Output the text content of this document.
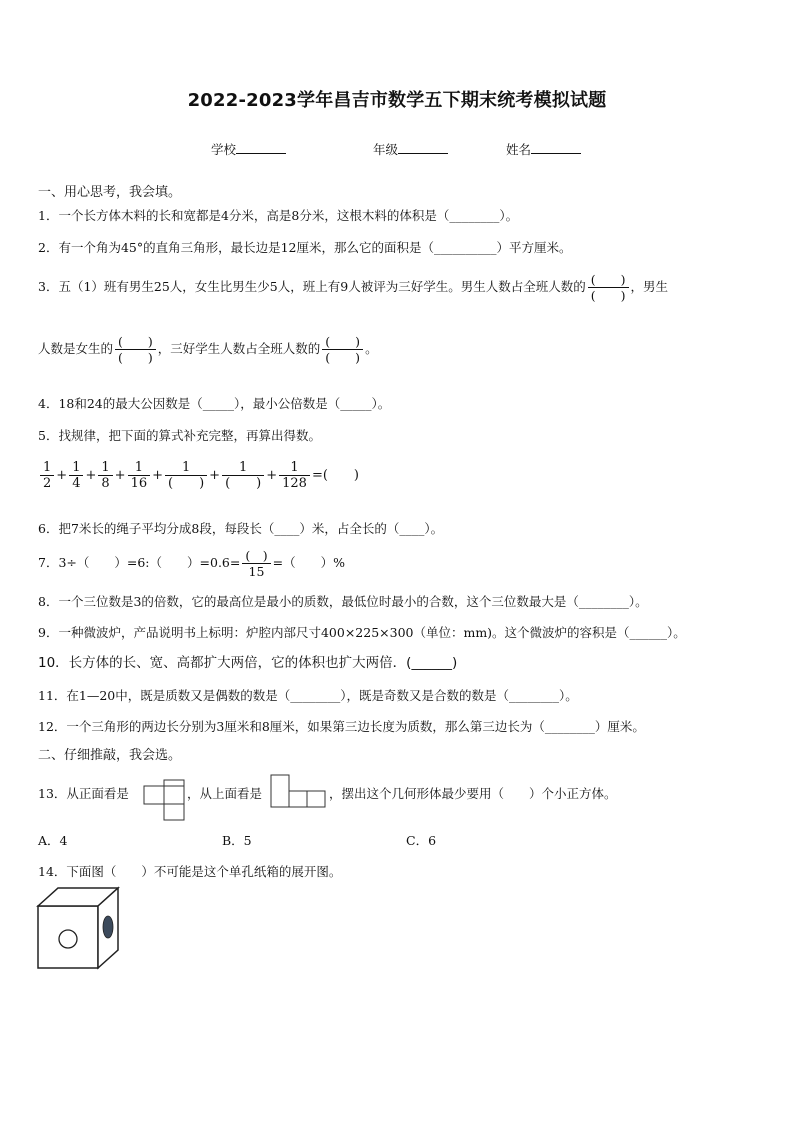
2022-2023学年昌吉市数学五下期末统考模拟试题
学校	年级	姓名
一、用心思考，我会填。
1．一个长方体木料的长和宽都是4分米，高是8分米，这根木料的体积是（________）。
2．有一个角为45°的直角三角形，最长边是12厘米，那么它的面积是（__________）平方厘米。
3．五（1）班有男生25人，女生比男生少5人，班上有9人被评为三好学生。男生人数占全班人数的 $\frac{( )}{( )}$ ，男生
人数是女生的 $\frac{( )}{( )}$ ，三好学生人数占全班人数的 $\frac{( )}{( )}$ 。
4．18和24的最大公因数是（_____），最小公倍数是（_____）。
5．找规律，把下面的算式补充完整，再算出得数。
$\frac{1}{2} + \frac{1}{4} + \frac{1}{8} + \frac{1}{16} + \frac{1}{( )} + \frac{1}{( )} + \frac{1}{128}$ =(　　)
6．把7米长的绳子平均分成8段，每段长（____）米，占全长的（____）。
7．3÷（　　）=6:（　　）$=0.6= \frac{( )}{15}$ =（　　）%
8．一个三位数是3的倍数，它的最高位是最小的质数，最低位时最小的合数，这个三位数最大是（________）。
9．一种微波炉，产品说明书上标明：炉腔内部尺寸400×225×300（单位：mm)。这个微波炉的容积是（______）。
10．长方体的长、宽、高都扩大两倍，它的体积也扩大两倍．(______)
11．在1—20中，既是质数又是偶数的数是（________），既是奇数又是合数的数是（________）。
12．一个三角形的两边长分别为3厘米和8厘米，如果第三边长度为质数，那么第三边长为（________）厘米。
二、仔细推敲，我会选。
13．从正面看是	，从上面看是	，摆出这个几何形体最少要用（　　）个小正方体。
A．4	B．5	C．6
14．下面图（　　）不可能是这个单孔纸箱的展开图。
